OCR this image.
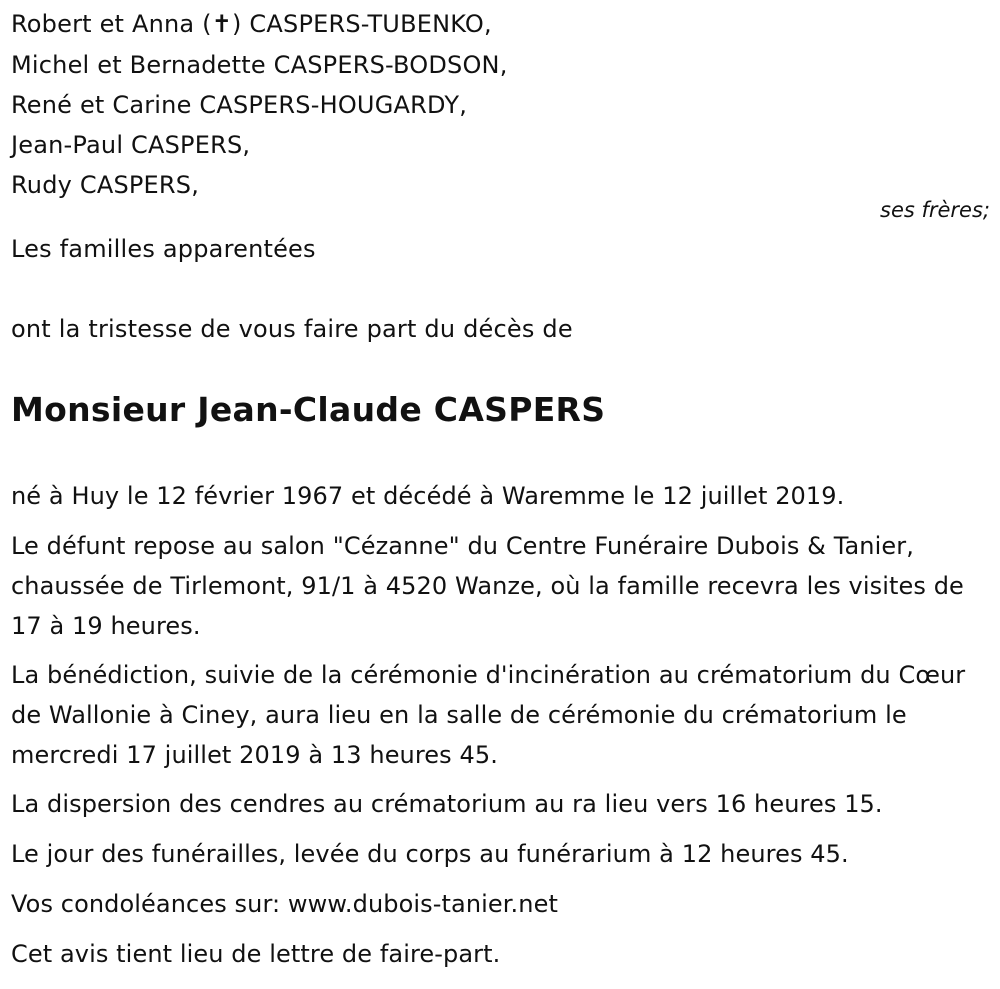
Robert et Anna (✝) CASPERS-TUBENKO,
Michel et Bernadette CASPERS-BODSON,
René et Carine CASPERS-HOUGARDY,
Jean-Paul CASPERS,
Rudy CASPERS,
ses frères;
Les familles apparentées
ont la tristesse de vous faire part du décès de
Monsieur Jean-Claude CASPERS
né à Huy le 12 février 1967 et décédé à Waremme le 12 juillet 2019.
Le défunt repose au salon "Cézanne" du Centre Funéraire Dubois & Tanier, chaussée de Tirlemont, 91/1 à 4520 Wanze, où la famille recevra les visites de 17 à 19 heures.
La bénédiction, suivie de la cérémonie d'incinération au crématorium du Cœur de Wallonie à Ciney, aura lieu en la salle de cérémonie du crématorium le mercredi 17 juillet 2019 à 13 heures 45.
La dispersion des cendres au crématorium au ra lieu vers 16 heures 15.
Le jour des funérailles, levée du corps au funérarium à 12 heures 45.
Vos condoléances sur: www.dubois-tanier.net
Cet avis tient lieu de lettre de faire-part.
